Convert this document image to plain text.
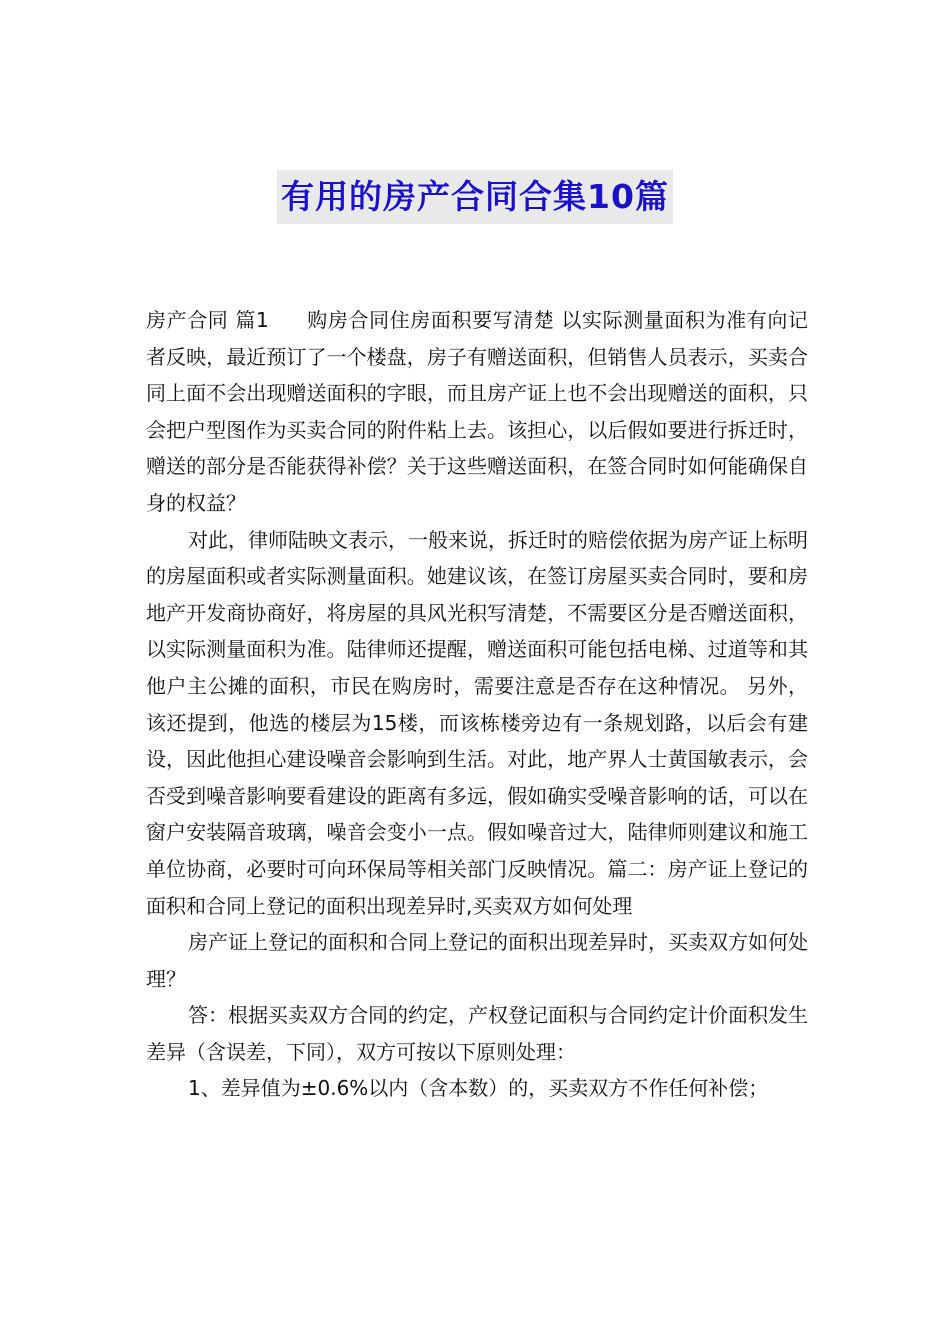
有用的房产合同合集10篇

房产合同 篇1 购房合同住房面积要写清楚 以实际测量面积为准有向记者反映，最近预订了一个楼盘，房子有赠送面积，但销售人员表示，买卖合同上面不会出现赠送面积的字眼，而且房产证上也不会出现赠送的面积，只会把户型图作为买卖合同的附件粘上去。该担心，以后假如要进行拆迁时，赠送的部分是否能获得补偿？关于这些赠送面积，在签合同时如何能确保自身的权益？

对此，律师陆映文表示，一般来说，拆迁时的赔偿依据为房产证上标明的房屋面积或者实际测量面积。她建议该，在签订房屋买卖合同时，要和房地产开发商协商好，将房屋的具风光积写清楚，不需要区分是否赠送面积，以实际测量面积为准。陆律师还提醒，赠送面积可能包括电梯、过道等和其他户主公摊的面积，市民在购房时，需要注意是否存在这种情况。 另外，该还提到，他选的楼层为15楼，而该栋楼旁边有一条规划路，以后会有建设，因此他担心建设噪音会影响到生活。对此，地产界人士黄国敏表示，会否受到噪音影响要看建设的距离有多远，假如确实受噪音影响的话，可以在窗户安装隔音玻璃，噪音会变小一点。假如噪音过大，陆律师则建议和施工单位协商，必要时可向环保局等相关部门反映情况。篇二：房产证上登记的面积和合同上登记的面积出现差异时,买卖双方如何处理

房产证上登记的面积和合同上登记的面积出现差异时，买卖双方如何处理？

答：根据买卖双方合同的约定，产权登记面积与合同约定计价面积发生差异（含误差，下同），双方可按以下原则处理：

1、差异值为±0.6%以内（含本数）的，买卖双方不作任何补偿；
